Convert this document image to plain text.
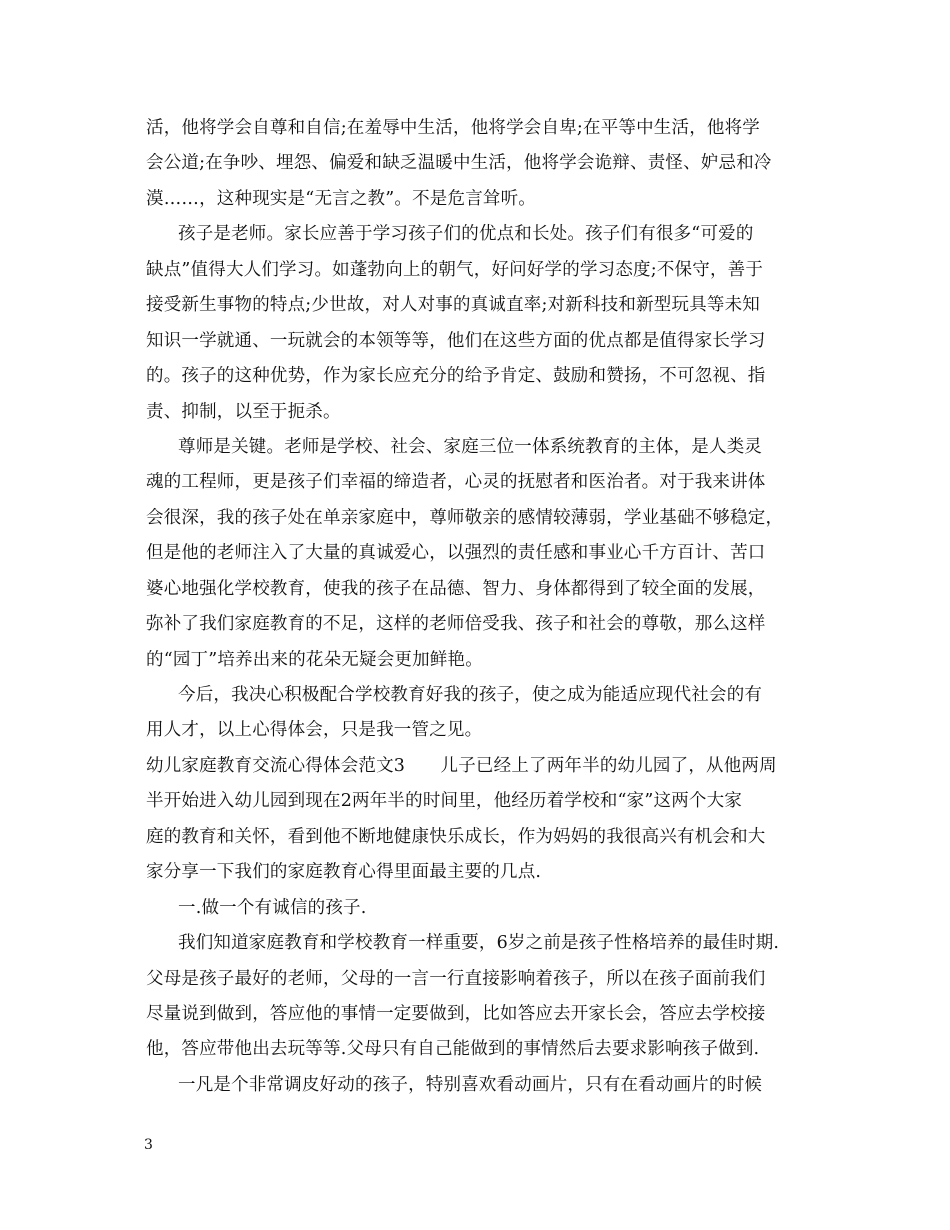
活，他将学会自尊和自信;在羞辱中生活，他将学会自卑;在平等中生活，他将学
会公道;在争吵、埋怨、偏爱和缺乏温暖中生活，他将学会诡辩、责怪、妒忌和冷
漠……，这种现实是“无言之教”。不是危言耸听。
孩子是老师。家长应善于学习孩子们的优点和长处。孩子们有很多“可爱的
缺点”值得大人们学习。如蓬勃向上的朝气，好问好学的学习态度;不保守，善于
接受新生事物的特点;少世故，对人对事的真诚直率;对新科技和新型玩具等未知
知识一学就通、一玩就会的本领等等，他们在这些方面的优点都是值得家长学习
的。孩子的这种优势，作为家长应充分的给予肯定、鼓励和赞扬，不可忽视、指
责、抑制，以至于扼杀。
尊师是关键。老师是学校、社会、家庭三位一体系统教育的主体，是人类灵
魂的工程师，更是孩子们幸福的缔造者，心灵的抚慰者和医治者。对于我来讲体
会很深，我的孩子处在单亲家庭中，尊师敬亲的感情较薄弱，学业基础不够稳定，
但是他的老师注入了大量的真诚爱心，以强烈的责任感和事业心千方百计、苦口
婆心地强化学校教育，使我的孩子在品德、智力、身体都得到了较全面的发展，
弥补了我们家庭教育的不足，这样的老师倍受我、孩子和社会的尊敬，那么这样
的“园丁”培养出来的花朵无疑会更加鲜艳。
今后，我决心积极配合学校教育好我的孩子，使之成为能适应现代社会的有
用人才，以上心得体会，只是我一管之见。
幼儿家庭教育交流心得体会范文3　　儿子已经上了两年半的幼儿园了，从他两周
半开始进入幼儿园到现在2两年半的时间里，他经历着学校和“家”这两个大家
庭的教育和关怀，看到他不断地健康快乐成长，作为妈妈的我很高兴有机会和大
家分享一下我们的家庭教育心得里面最主要的几点.
一.做一个有诚信的孩子.
我们知道家庭教育和学校教育一样重要，6岁之前是孩子性格培养的最佳时期.
父母是孩子最好的老师，父母的一言一行直接影响着孩子，所以在孩子面前我们
尽量说到做到，答应他的事情一定要做到，比如答应去开家长会，答应去学校接
他，答应带他出去玩等等.父母只有自己能做到的事情然后去要求影响孩子做到.
一凡是个非常调皮好动的孩子，特别喜欢看动画片，只有在看动画片的时候
3
